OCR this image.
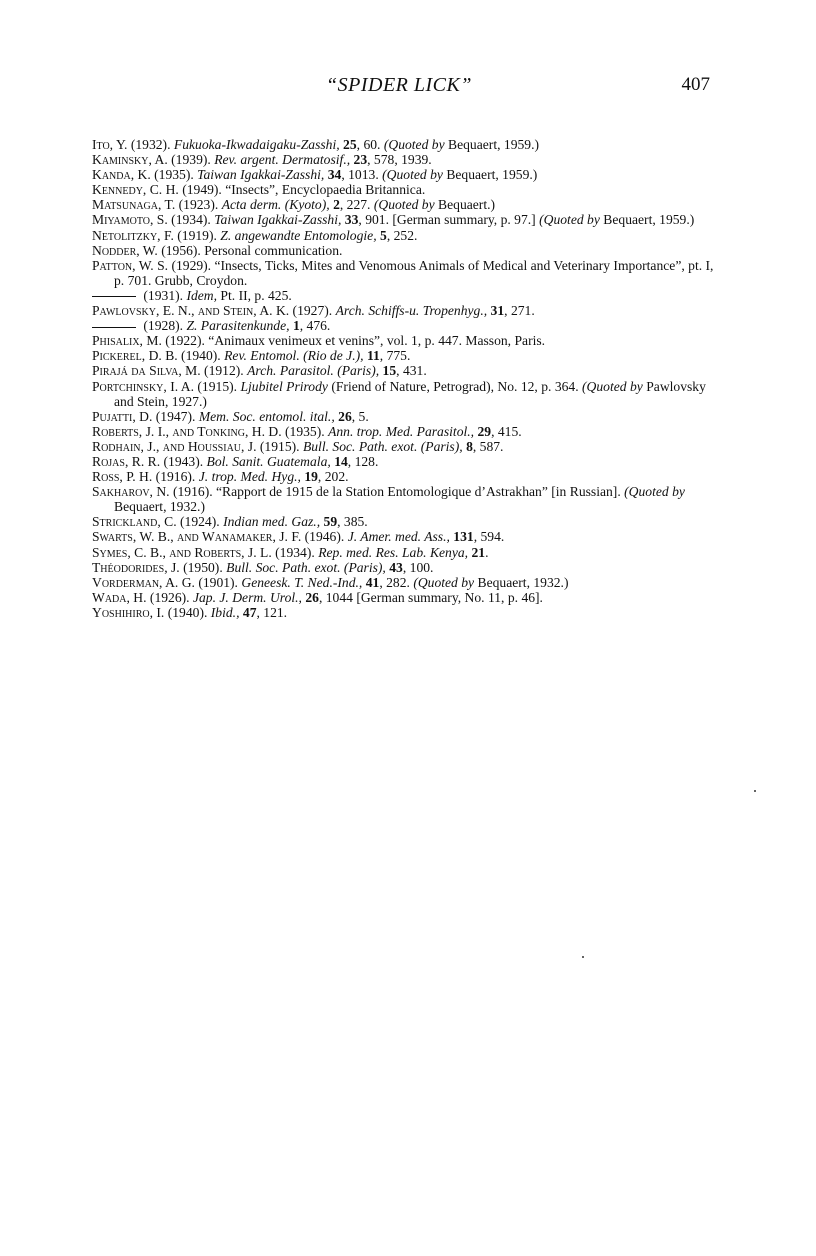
“SPIDER LICK”	407
Ito, Y. (1932). Fukuoka-Ikwadaigaku-Zasshi, 25, 60. (Quoted by Bequaert, 1959.)
Kaminsky, A. (1939). Rev. argent. Dermatosif., 23, 578, 1939.
Kanda, K. (1935). Taiwan Igakkai-Zasshi, 34, 1013. (Quoted by Bequaert, 1959.)
Kennedy, C. H. (1949). “Insects”, Encyclopaedia Britannica.
Matsunaga, T. (1923). Acta derm. (Kyoto), 2, 227. (Quoted by Bequaert.)
Miyamoto, S. (1934). Taiwan Igakkai-Zasshi, 33, 901. [German summary, p. 97.] (Quoted by Bequaert, 1959.)
Netolitzky, F. (1919). Z. angewandte Entomologie, 5, 252.
Nodder, W. (1956). Personal communication.
Patton, W. S. (1929). “Insects, Ticks, Mites and Venomous Animals of Medical and Veterinary Importance”, pt. I, p. 701. Grubb, Croydon.
(1931). Idem, Pt. II, p. 425.
Pawlovsky, E. N., and Stein, A. K. (1927). Arch. Schiffs-u. Tropenhyg., 31, 271.
(1928). Z. Parasitenkunde, 1, 476.
Phisalix, M. (1922). “Animaux venimeux et venins”, vol. 1, p. 447. Masson, Paris.
Pickerel, D. B. (1940). Rev. Entomol. (Rio de J.), 11, 775.
Pirajá da Silva, M. (1912). Arch. Parasitol. (Paris), 15, 431.
Portchinsky, I. A. (1915). Ljubitel Prirody (Friend of Nature, Petrograd), No. 12, p. 364. (Quoted by Pawlovsky and Stein, 1927.)
Pujatti, D. (1947). Mem. Soc. entomol. ital., 26, 5.
Roberts, J. I., and Tonking, H. D. (1935). Ann. trop. Med. Parasitol., 29, 415.
Rodhain, J., and Houssiau, J. (1915). Bull. Soc. Path. exot. (Paris), 8, 587.
Rojas, R. R. (1943). Bol. Sanit. Guatemala, 14, 128.
Ross, P. H. (1916). J. trop. Med. Hyg., 19, 202.
Sakharov, N. (1916). “Rapport de 1915 de la Station Entomologique d’Astrakhan” [in Russian]. (Quoted by Bequaert, 1932.)
Strickland, C. (1924). Indian med. Gaz., 59, 385.
Swarts, W. B., and Wanamaker, J. F. (1946). J. Amer. med. Ass., 131, 594.
Symes, C. B., and Roberts, J. L. (1934). Rep. med. Res. Lab. Kenya, 21.
Théodorides, J. (1950). Bull. Soc. Path. exot. (Paris), 43, 100.
Vorderman, A. G. (1901). Geneesk. T. Ned.-Ind., 41, 282. (Quoted by Bequaert, 1932.)
Wada, H. (1926). Jap. J. Derm. Urol., 26, 1044 [German summary, No. 11, p. 46].
Yoshihiro, I. (1940). Ibid., 47, 121.
